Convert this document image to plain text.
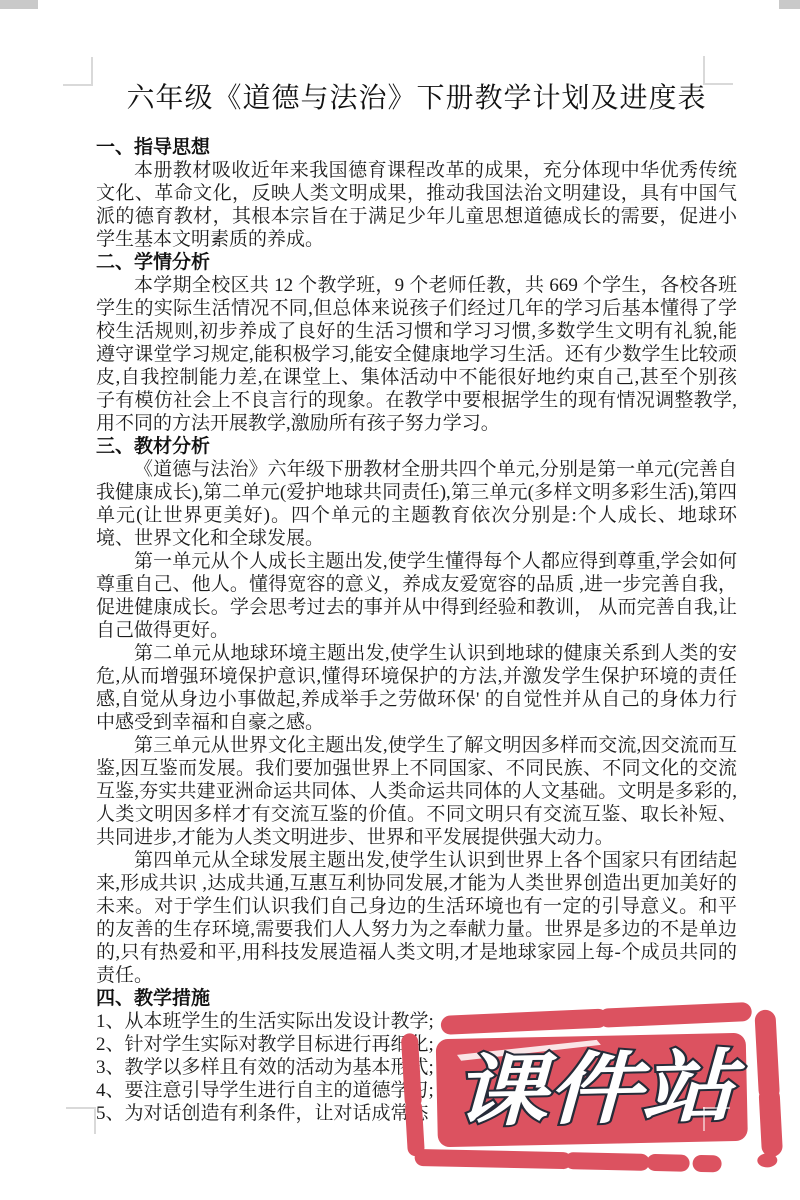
六年级《道德与法治》下册教学计划及进度表
一、指导思想

本册教材吸收近年来我国德育课程改革的成果，充分体现中华优秀传统文化、革命文化，反映人类文明成果，推动我国法治文明建设，具有中国气派的德育教材，其根本宗旨在于满足少年儿童思想道德成长的需要，促进小学生基本文明素质的养成。

二、学情分析

本学期全校区共 12 个教学班，9 个老师任教，共 669 个学生，各校各班学生的实际生活情况不同,但总体来说孩子们经过几年的学习后基本懂得了学校生活规则,初步养成了良好的生活习惯和学习习惯,多数学生文明有礼貌,能遵守课堂学习规定,能积极学习,能安全健康地学习生活。还有少数学生比较顽皮,自我控制能力差,在课堂上、集体活动中不能很好地约束自己,甚至个别孩子有模仿社会上不良言行的现象。在教学中要根据学生的现有情况调整教学,用不同的方法开展教学,激励所有孩子努力学习。

三、教材分析

《道德与法治》六年级下册教材全册共四个单元,分别是第一单元(完善自我健康成长),第二单元(爱护地球共同责任),第三单元(多样文明多彩生活),第四单元(让世界更美好)。四个单元的主题教育依次分别是:个人成长、地球环境、世界文化和全球发展。

第一单元从个人成长主题出发,使学生懂得每个人都应得到尊重,学会如何尊重自己、他人。懂得宽容的意义，养成友爱宽容的品质 ,进一步完善自我， 促进健康成长。学会思考过去的事并从中得到经验和教训， 从而完善自我,让自己做得更好。

第二单元从地球环境主题出发,使学生认识到地球的健康关系到人类的安危,从而增强环境保护意识,懂得环境保护的方法,并激发学生保护环境的责任感,自觉从身边小事做起,养成举手之劳做环保' 的自觉性并从自己的身体力行中感受到幸福和自豪之感。

第三单元从世界文化主题出发,使学生了解文明因多样而交流,因交流而互鉴,因互鉴而发展。我们要加强世界上不同国家、不同民族、不同文化的交流互鉴,夯实共建亚洲命运共同体、人类命运共同体的人文基础。文明是多彩的,人类文明因多样才有交流互鉴的价值。不同文明只有交流互鉴、取长补短、共同进步,才能为人类文明进步、世界和平发展提供强大动力。

第四单元从全球发展主题出发,使学生认识到世界上各个国家只有团结起来,形成共识 ,达成共通,互惠互利协同发展,才能为人类世界创造出更加美好的未来。对于学生们认识我们自己身边的生活环境也有一定的引导意义。和平的友善的生存环境,需要我们人人努力为之奉献力量。世界是多边的不是单边的,只有热爱和平,用科技发展造福人类文明,才是地球家园上每-个成员共同的责任。

四、教学措施

1、从本班学生的生活实际出发设计教学;

2、针对学生实际对教学目标进行再细化;

3、教学以多样且有效的活动为基本形式;

4、要注意引导学生进行自主的道德学习;

5、为对话创造有利条件，让对话成常态 课件站
